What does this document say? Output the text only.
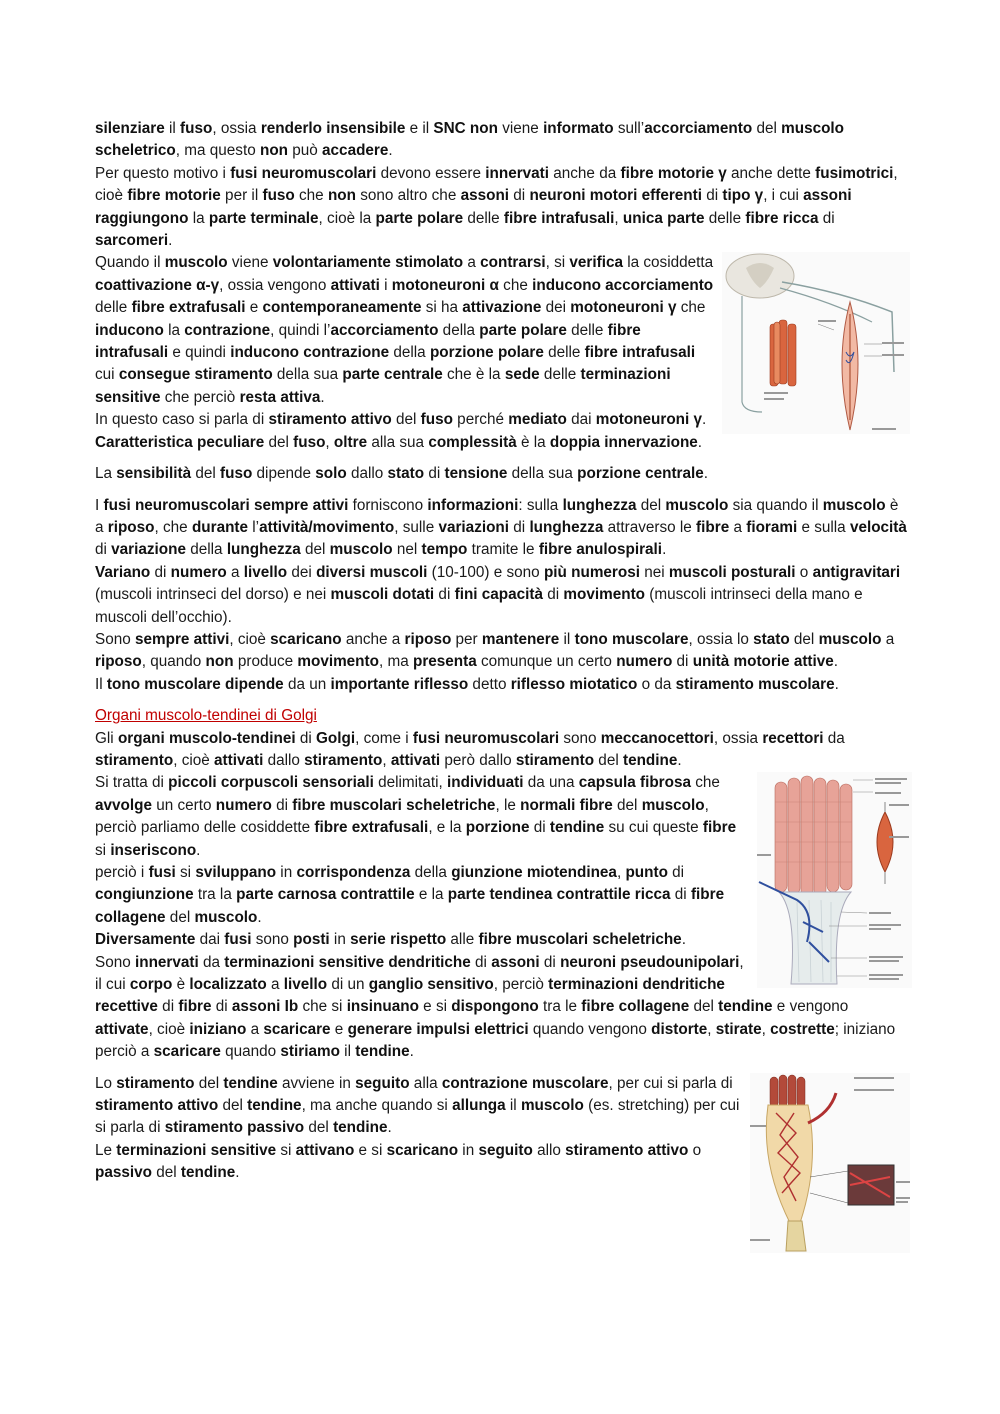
silenziare il fuso, ossia renderlo insensibile e il SNC non viene informato sull’accorciamento del muscolo scheletrico, ma questo non può accadere.

Per questo motivo i fusi neuromuscolari devono essere innervati anche da fibre motorie γ anche dette fusimotrici, cioè fibre motorie per il fuso che non sono altro che assoni di neuroni motori efferenti di tipo γ, i cui assoni raggiungono la parte terminale, cioè la parte polare delle fibre intrafusali, unica parte delle fibre ricca di sarcomeri.

Quando il muscolo viene volontariamente stimolato a contrarsi, si verifica la cosiddetta coattivazione α-γ, ossia vengono attivati i motoneuroni α che inducono accorciamento delle fibre extrafusali e contemporaneamente si ha attivazione dei motoneuroni γ che inducono la contrazione, quindi l’accorciamento della parte polare delle fibre intrafusali e quindi inducono contrazione della porzione polare delle fibre intrafusali cui consegue stiramento della sua parte centrale che è la sede delle terminazioni sensitive che perciò resta attiva.

In questo caso si parla di stiramento attivo del fuso perché mediato dai motoneuroni γ.

Caratteristica peculiare del fuso, oltre alla sua complessità è la doppia innervazione.

La sensibilità del fuso dipende solo dallo stato di tensione della sua porzione centrale.

I fusi neuromuscolari sempre attivi forniscono informazioni: sulla lunghezza del muscolo sia quando il muscolo è a riposo, che durante l’attività/movimento, sulle variazioni di lunghezza attraverso le fibre a fiorami e sulla velocità di variazione della lunghezza del muscolo nel tempo tramite le fibre anulospirali.

Variano di numero a livello dei diversi muscoli (10-100) e sono più numerosi nei muscoli posturali o antigravitari (muscoli intrinseci del dorso) e nei muscoli dotati di fini capacità di movimento (muscoli intrinseci della mano e muscoli dell’occhio).

Sono sempre attivi, cioè scaricano anche a riposo per mantenere il tono muscolare, ossia lo stato del muscolo a riposo, quando non produce movimento, ma presenta comunque un certo numero di unità motorie attive.

Il tono muscolare dipende da un importante riflesso detto riflesso miotatico o da stiramento muscolare.

Organi muscolo-tendinei di Golgi

Gli organi muscolo-tendinei di Golgi, come i fusi neuromuscolari sono meccanocettori, ossia recettori da stiramento, cioè attivati dallo stiramento, attivati però dallo stiramento del tendine.

Si tratta di piccoli corpuscoli sensoriali delimitati, individuati da una capsula fibrosa che avvolge un certo numero di fibre muscolari scheletriche, le normali fibre del muscolo, perciò parliamo delle cosiddette fibre extrafusali, e la porzione di tendine su cui queste fibre si inseriscono.

perciò i fusi si sviluppano in corrispondenza della giunzione miotendinea, punto di congiunzione tra la parte carnosa contrattile e la parte tendinea contrattile ricca di fibre collagene del muscolo.

Diversamente dai fusi sono posti in serie rispetto alle fibre muscolari scheletriche.

Sono innervati da terminazioni sensitive dendritiche di assoni di neuroni pseudounipolari, il cui corpo è localizzato a livello di un ganglio sensitivo, perciò terminazioni dendritiche recettive di fibre di assoni Ib che si insinuano e si dispongono tra le fibre collagene del tendine e vengono attivate, cioè iniziano a scaricare e generare impulsi elettrici quando vengono distorte, stirate, costrette; iniziano perciò a scaricare quando stiriamo il tendine.

Lo stiramento del tendine avviene in seguito alla contrazione muscolare, per cui si parla di stiramento attivo del tendine, ma anche quando si allunga il muscolo (es. stretching) per cui si parla di stiramento passivo del tendine.

Le terminazioni sensitive si attivano e si scaricano in seguito allo stiramento attivo o passivo del tendine.
